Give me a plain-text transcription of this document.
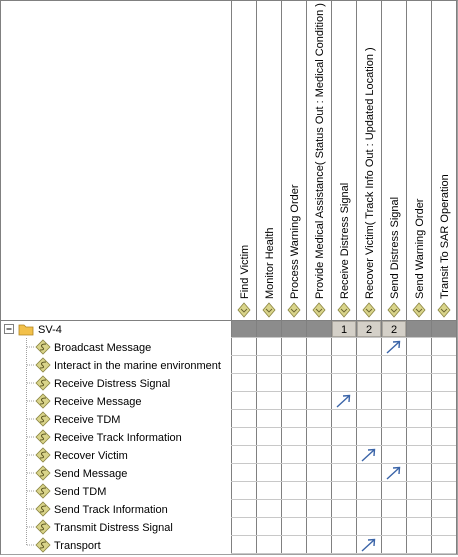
Find Victim Monitor Health Process Warning Order Provide Medical Assistance( Status Out : Medical Condition ) Receive Distress Signal
1
Recover Victim( Track Info Out : Updated Location )
2
Send Distress Signal
2
Send Warning Order Transit To SAR Operation
SV-4
Broadcast Message
Interact in the marine environment
Receive Distress Signal
Receive Message
Receive TDM
Receive Track Information
Recover Victim
Send Message
Send TDM
Send Track Information
Transmit Distress Signal
Transport
